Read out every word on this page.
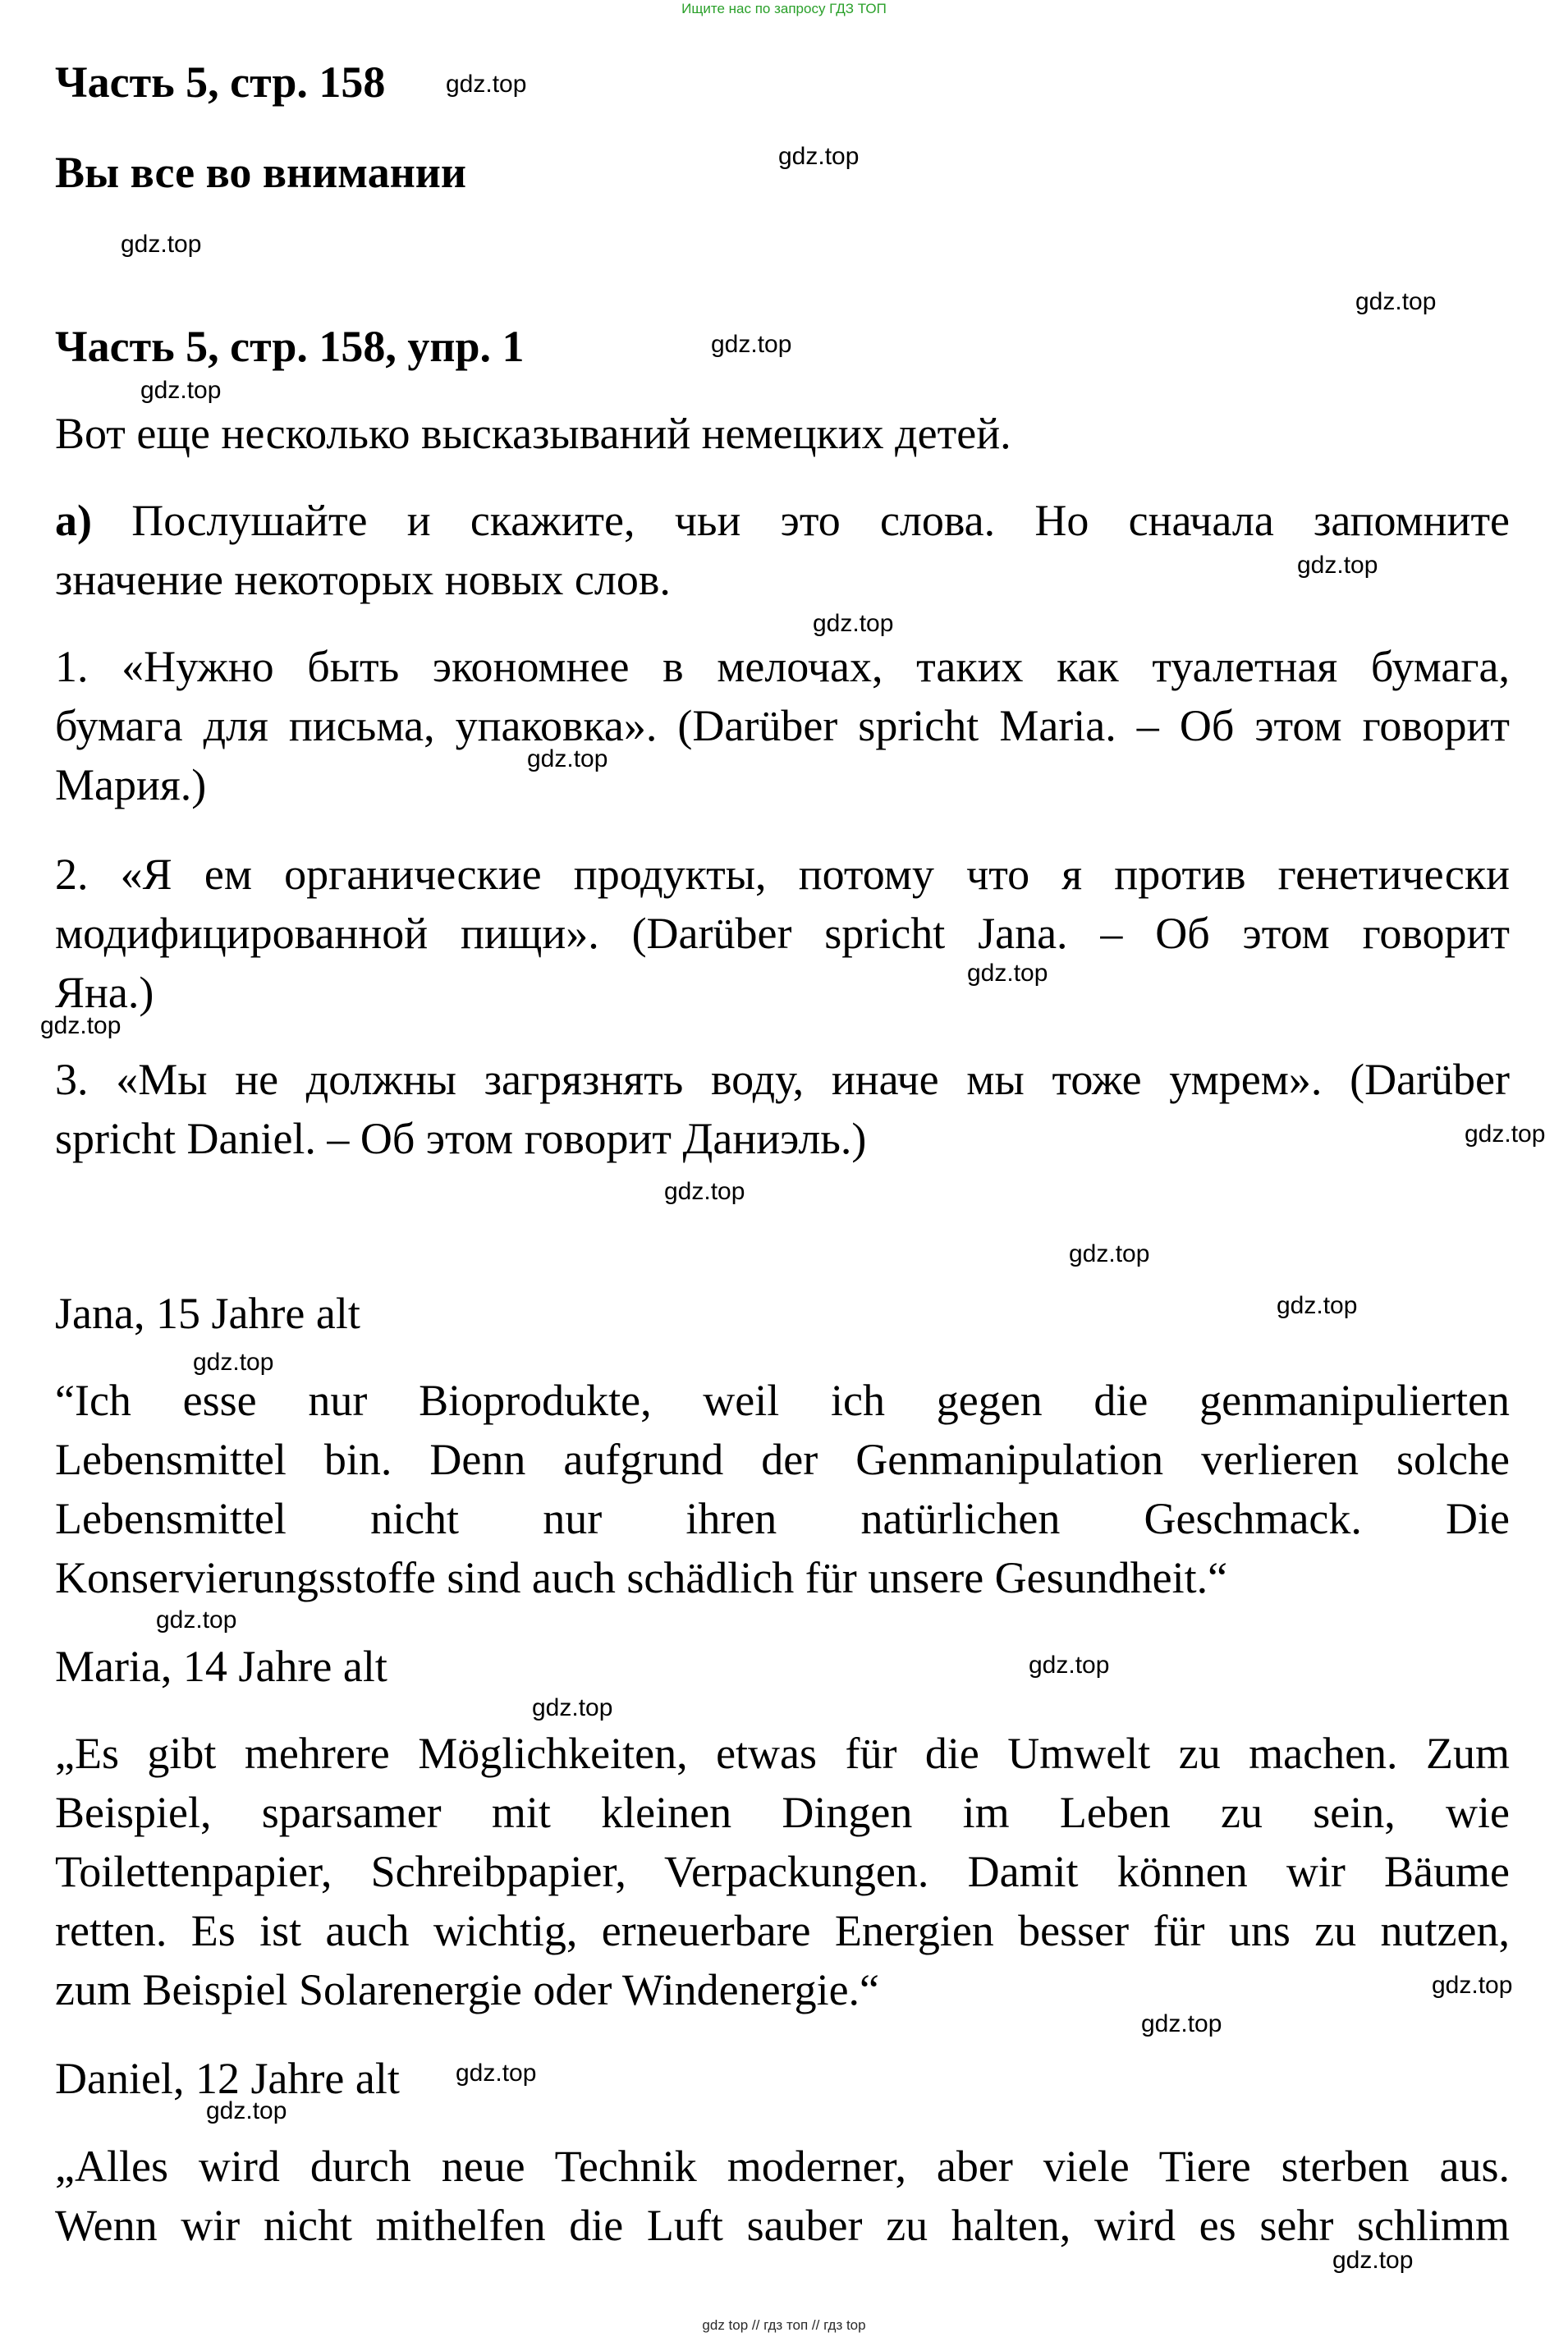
Ищите нас по запросу ГДЗ ТОП

Часть 5, стр. 158

Вы все во внимании

Часть 5, стр. 158, упр. 1

Вот еще несколько высказываний немецких детей.

а) Послушайте и скажите, чьи это слова. Но сначала запомните

значение некоторых новых слов.

1. «Нужно быть экономнее в мелочах, таких как туалетная бумага,

бумага для письма, упаковка». (Darüber spricht Maria. – Об этом говорит

Мария.)

2. «Я ем органические продукты, потому что я против генетически

модифицированной пищи». (Darüber spricht Jana. – Об этом говорит

Яна.)

3. «Мы не должны загрязнять воду, иначе мы тоже умрем». (Darüber

spricht Daniel. – Об этом говорит Даниэль.)

Jana, 15 Jahre alt

“Ich esse nur Bioprodukte, weil ich gegen die genmanipulierten

Lebensmittel bin. Denn aufgrund der Genmanipulation verlieren solche

Lebensmittel nicht nur ihren natürlichen Geschmack. Die

Konservierungsstoffe sind auch schädlich für unsere Gesundheit.“

Maria, 14 Jahre alt

„Es gibt mehrere Möglichkeiten, etwas für die Umwelt zu machen. Zum

Beispiel, sparsamer mit kleinen Dingen im Leben zu sein, wie

Toilettenpapier, Schreibpapier, Verpackungen. Damit können wir Bäume

retten. Es ist auch wichtig, erneuerbare Energien besser für uns zu nutzen,

zum Beispiel Solarenergie oder Windenergie.“

Daniel, 12 Jahre alt

„Alles wird durch neue Technik moderner, aber viele Tiere sterben aus.

Wenn wir nicht mithelfen die Luft sauber zu halten, wird es sehr schlimm

gdz.top
gdz.top
gdz.top
gdz.top
gdz.top
gdz.top
gdz.top
gdz.top
gdz.top
gdz.top
gdz.top
gdz.top
gdz.top
gdz.top
gdz.top
gdz.top
gdz.top
gdz.top
gdz.top
gdz.top
gdz.top
gdz.top
gdz.top
gdz.top
gdz top // гдз топ // гдз top
